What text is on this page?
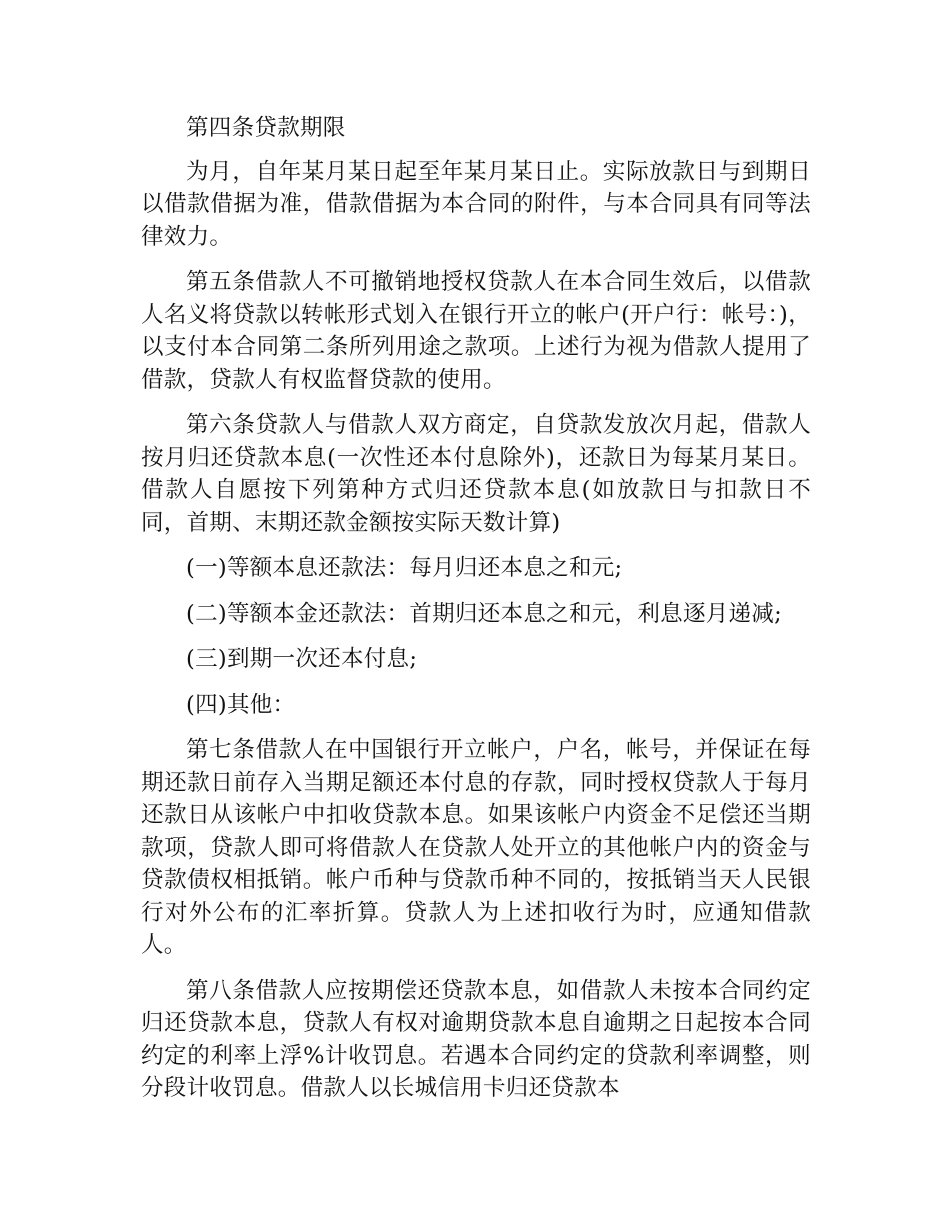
第四条贷款期限

为月，自年某月某日起至年某月某日止。实际放款日与到期日以借款借据为准，借款借据为本合同的附件，与本合同具有同等法律效力。

第五条借款人不可撤销地授权贷款人在本合同生效后，以借款人名义将贷款以转帐形式划入在银行开立的帐户(开户行：帐号：)，以支付本合同第二条所列用途之款项。上述行为视为借款人提用了借款，贷款人有权监督贷款的使用。

第六条贷款人与借款人双方商定，自贷款发放次月起，借款人按月归还贷款本息(一次性还本付息除外)，还款日为每某月某日。借款人自愿按下列第种方式归还贷款本息(如放款日与扣款日不同，首期、末期还款金额按实际天数计算)

(一)等额本息还款法：每月归还本息之和元;

(二)等额本金还款法：首期归还本息之和元，利息逐月递减;

(三)到期一次还本付息;

(四)其他：

第七条借款人在中国银行开立帐户，户名，帐号，并保证在每期还款日前存入当期足额还本付息的存款，同时授权贷款人于每月还款日从该帐户中扣收贷款本息。如果该帐户内资金不足偿还当期款项，贷款人即可将借款人在贷款人处开立的其他帐户内的资金与贷款债权相抵销。帐户币种与贷款币种不同的，按抵销当天人民银行对外公布的汇率折算。贷款人为上述扣收行为时，应通知借款人。

第八条借款人应按期偿还贷款本息，如借款人未按本合同约定归还贷款本息，贷款人有权对逾期贷款本息自逾期之日起按本合同约定的利率上浮%计收罚息。若遇本合同约定的贷款利率调整，则分段计收罚息。借款人以长城信用卡归还贷款本
